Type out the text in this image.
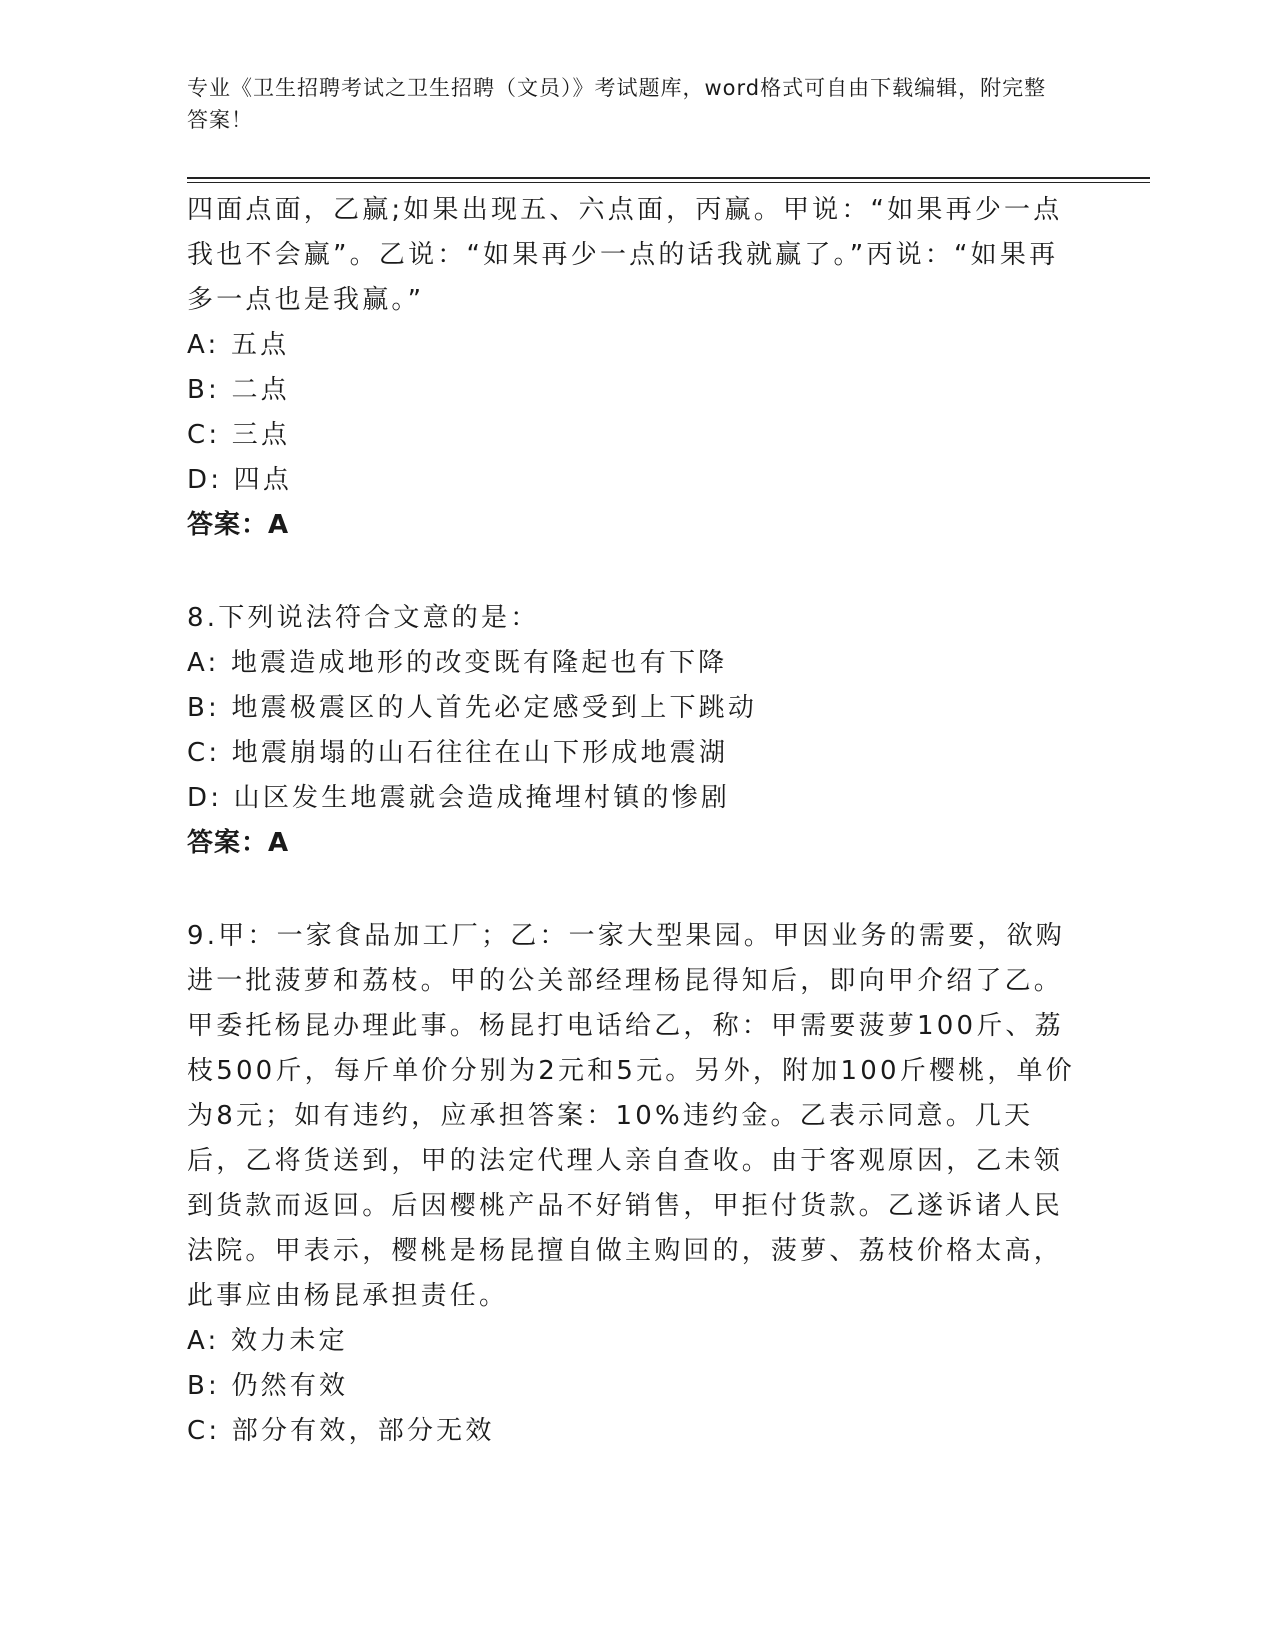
专业《卫生招聘考试之卫生招聘（文员）》考试题库，word格式可自由下载编辑，附完整答案！

四面点面，乙赢;如果出现五、六点面，丙赢。甲说：“如果再少一点我也不会赢”。乙说：“如果再少一点的话我就赢了。”丙说：“如果再多一点也是我赢。”

A: 五点

B: 二点

C: 三点

D: 四点

答案：A

8.下列说法符合文意的是：

A: 地震造成地形的改变既有隆起也有下降

B: 地震极震区的人首先必定感受到上下跳动

C: 地震崩塌的山石往往在山下形成地震湖

D: 山区发生地震就会造成掩埋村镇的惨剧

答案：A

9.甲：一家食品加工厂；乙：一家大型果园。甲因业务的需要，欲购进一批菠萝和荔枝。甲的公关部经理杨昆得知后，即向甲介绍了乙。甲委托杨昆办理此事。杨昆打电话给乙，称：甲需要菠萝100斤、荔枝500斤，每斤单价分别为2元和5元。另外，附加100斤樱桃，单价为8元；如有违约，应承担答案：10%违约金。乙表示同意。几天后，乙将货送到，甲的法定代理人亲自查收。由于客观原因，乙未领到货款而返回。后因樱桃产品不好销售，甲拒付货款。乙遂诉诸人民法院。甲表示，樱桃是杨昆擅自做主购回的，菠萝、荔枝价格太高，此事应由杨昆承担责任。

A: 效力未定

B: 仍然有效

C: 部分有效，部分无效
